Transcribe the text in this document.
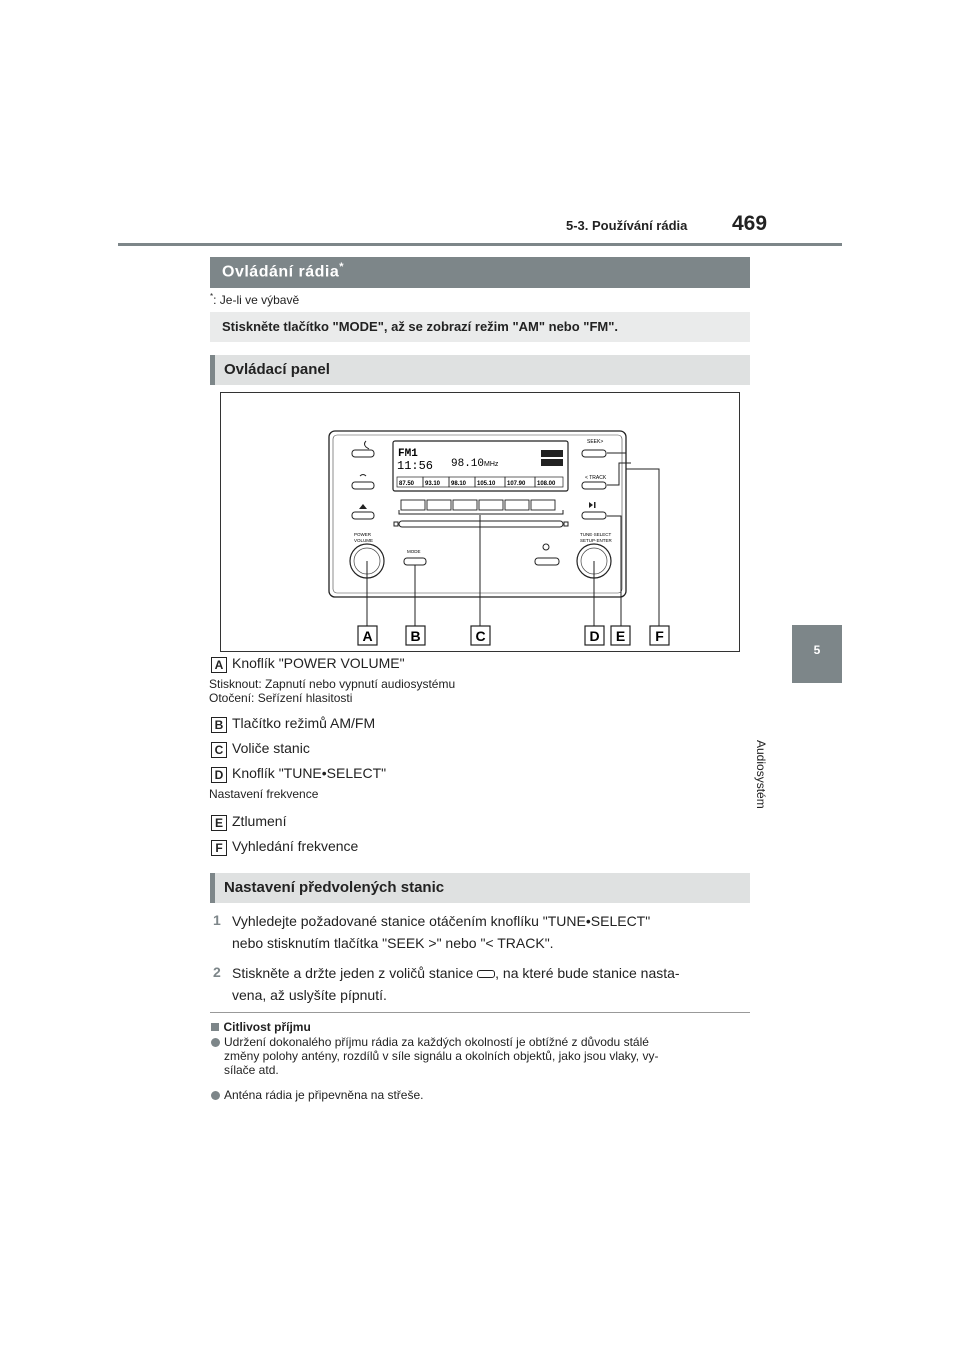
5-3. Používání rádia 469
5
Audiosystém
Ovládání rádia*
*: Je-li ve výbavě
Stiskněte tlačítko "MODE", až se zobrazí režim "AM" nebo "FM".
Ovládací panel
FM1
11:56 98.10 MHz
87.50 93.10 98.10 105.10 107.90 108.00
SEEK>
< TRACK
POWER VOLUME
MODE
TUNE·SELECT SETUP·ENTER
A	B	C	D E F
A Knoflík "POWER VOLUME"
Stisknout: Zapnutí nebo vypnutí audiosystému
Otočení: Seřízení hlasitosti
B Tlačítko režimů AM/FM
C Voliče stanic
D Knoflík "TUNE•SELECT"
Nastavení frekvence
E Ztlumení
F Vyhledání frekvence
Nastavení předvolených stanic
1 Vyhledejte požadované stanice otáčením knoflíku "TUNE•SELECT"
nebo stisknutím tlačítka "SEEK >" nebo "< TRACK".
2 Stiskněte a držte jeden z voličů stanice , na které bude stanice nasta-
vena, až uslyšíte pípnutí.
Citlivost příjmu
Udržení dokonalého příjmu rádia za každých okolností je obtížné z důvodu stálé
změny polohy antény, rozdílů v síle signálu a okolních objektů, jako jsou vlaky, vy-
sílače atd.
Anténa rádia je připevněna na střeše.
